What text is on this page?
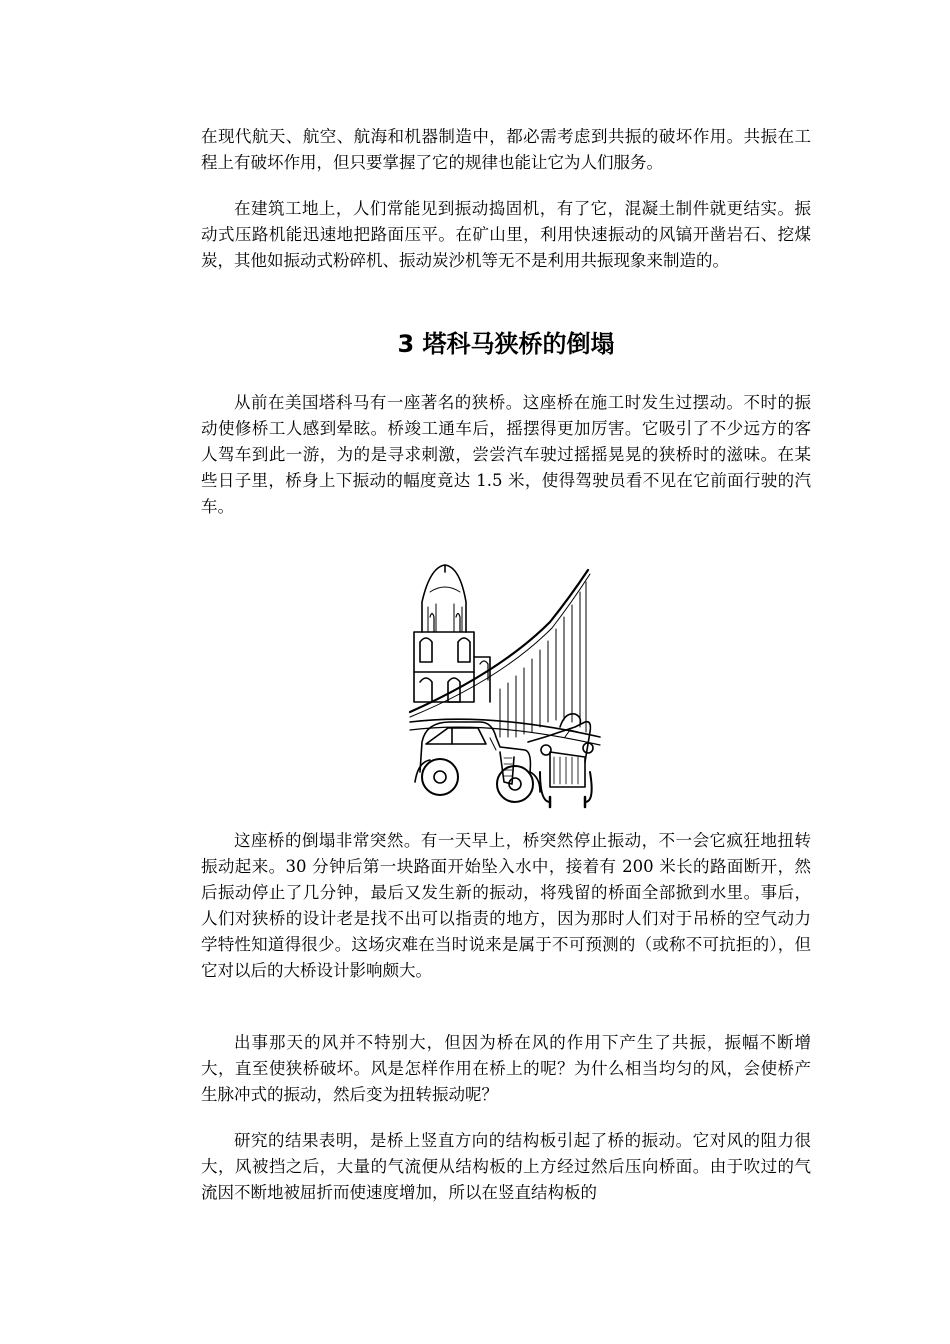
在现代航天、航空、航海和机器制造中，都必需考虑到共振的破坏作用。共振在工程上有破坏作用，但只要掌握了它的规律也能让它为人们服务。

在建筑工地上，人们常能见到振动捣固机，有了它，混凝土制件就更结实。振动式压路机能迅速地把路面压平。在矿山里，利用快速振动的风镐开凿岩石、挖煤炭，其他如振动式粉碎机、振动炭沙机等无不是利用共振现象来制造的。

3 塔科马狭桥的倒塌

从前在美国塔科马有一座著名的狭桥。这座桥在施工时发生过摆动。不时的振动使修桥工人感到晕眩。桥竣工通车后，摇摆得更加厉害。它吸引了不少远方的客人驾车到此一游，为的是寻求刺激，尝尝汽车驶过摇摇晃晃的狭桥时的滋味。在某些日子里，桥身上下振动的幅度竟达 1.5 米，使得驾驶员看不见在它前面行驶的汽车。

这座桥的倒塌非常突然。有一天早上，桥突然停止振动，不一会它疯狂地扭转振动起来。30 分钟后第一块路面开始坠入水中，接着有 200 米长的路面断开，然后振动停止了几分钟，最后又发生新的振动，将残留的桥面全部掀到水里。事后，人们对狭桥的设计老是找不出可以指责的地方，因为那时人们对于吊桥的空气动力学特性知道得很少。这场灾难在当时说来是属于不可预测的（或称不可抗拒的），但它对以后的大桥设计影响颇大。

出事那天的风并不特别大，但因为桥在风的作用下产生了共振，振幅不断增大，直至使狭桥破坏。风是怎样作用在桥上的呢？为什么相当均匀的风，会使桥产生脉冲式的振动，然后变为扭转振动呢？

研究的结果表明，是桥上竖直方向的结构板引起了桥的振动。它对风的阻力很大，风被挡之后，大量的气流便从结构板的上方经过然后压向桥面。由于吹过的气流因不断地被屈折而使速度增加，所以在竖直结构板的
